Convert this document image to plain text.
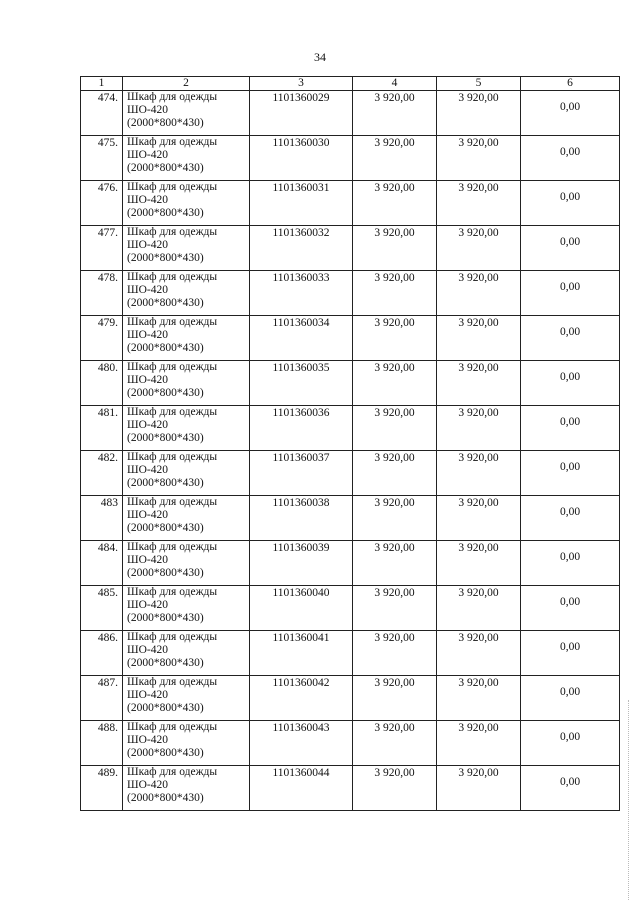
34
1	2	3	4	5	6
474.	Шкаф для одежды
ШО-420
(2000*800*430)	1101360029	3 920,00	3 920,00	0,00
475.	Шкаф для одежды
ШО-420
(2000*800*430)	1101360030	3 920,00	3 920,00	0,00
476.	Шкаф для одежды
ШО-420
(2000*800*430)	1101360031	3 920,00	3 920,00	0,00
477.	Шкаф для одежды
ШО-420
(2000*800*430)	1101360032	3 920,00	3 920,00	0,00
478.	Шкаф для одежды
ШО-420
(2000*800*430)	1101360033	3 920,00	3 920,00	0,00
479.	Шкаф для одежды
ШО-420
(2000*800*430)	1101360034	3 920,00	3 920,00	0,00
480.	Шкаф для одежды
ШО-420
(2000*800*430)	1101360035	3 920,00	3 920,00	0,00
481.	Шкаф для одежды
ШО-420
(2000*800*430)	1101360036	3 920,00	3 920,00	0,00
482.	Шкаф для одежды
ШО-420
(2000*800*430)	1101360037	3 920,00	3 920,00	0,00
483	Шкаф для одежды
ШО-420
(2000*800*430)	1101360038	3 920,00	3 920,00	0,00
484.	Шкаф для одежды
ШО-420
(2000*800*430)	1101360039	3 920,00	3 920,00	0,00
485.	Шкаф для одежды
ШО-420
(2000*800*430)	1101360040	3 920,00	3 920,00	0,00
486.	Шкаф для одежды
ШО-420
(2000*800*430)	1101360041	3 920,00	3 920,00	0,00
487.	Шкаф для одежды
ШО-420
(2000*800*430)	1101360042	3 920,00	3 920,00	0,00
488.	Шкаф для одежды
ШО-420
(2000*800*430)	1101360043	3 920,00	3 920,00	0,00
489.	Шкаф для одежды
ШО-420
(2000*800*430)	1101360044	3 920,00	3 920,00	0,00
